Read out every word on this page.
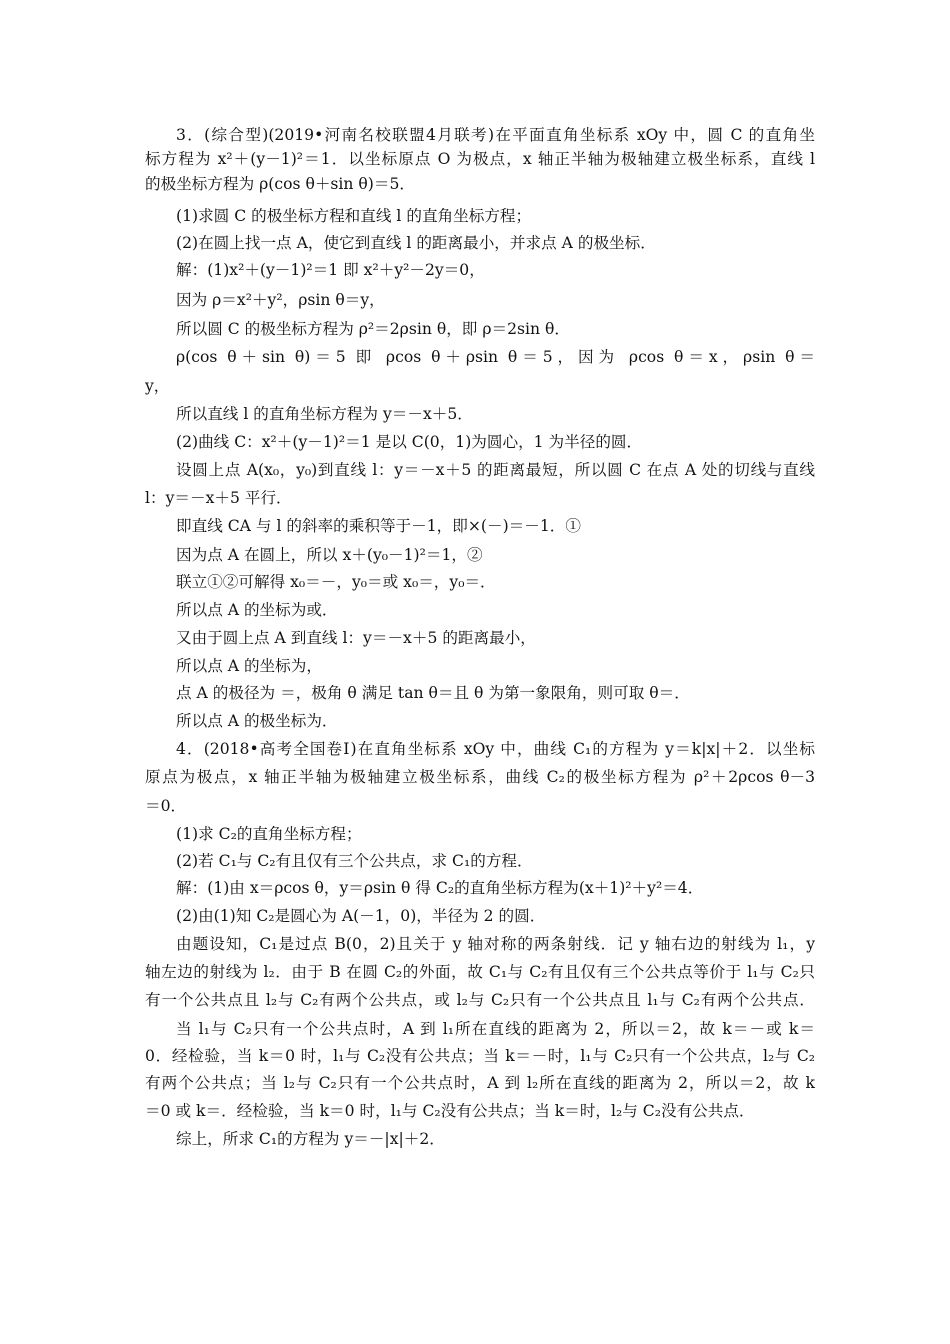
3．(综合型)(2019•河南名校联盟4月联考)在平面直角坐标系 xOy 中，圆 C 的直角坐
标方程为 x²＋(y－1)²＝1．以坐标原点 O 为极点，x 轴正半轴为极轴建立极坐标系，直线 l
的极坐标方程为 ρ(cos θ＋sin θ)＝5．
(1)求圆 C 的极坐标方程和直线 l 的直角坐标方程；
(2)在圆上找一点 A，使它到直线 l 的距离最小，并求点 A 的极坐标．
解：(1)x²＋(y－1)²＝1 即 x²＋y²－2y＝0，
因为 ρ＝x²＋y²，ρsin θ＝y，
所以圆 C 的极坐标方程为 ρ²＝2ρsin θ，即 ρ＝2sin θ．
ρ(cos θ＋sin θ)＝5 即 ρcos θ＋ρsin θ＝5，因为 ρcos θ＝x，ρsin θ＝
y，
所以直线 l 的直角坐标方程为 y＝－x＋5．
(2)曲线 C：x²＋(y－1)²＝1 是以 C(0，1)为圆心，1 为半径的圆．
设圆上点 A(x₀，y₀)到直线 l：y＝－x＋5 的距离最短，所以圆 C 在点 A 处的切线与直线
l：y＝－x＋5 平行．
即直线 CA 与 l 的斜率的乘积等于－1，即×(－)＝－1．①
因为点 A 在圆上，所以 x＋(y₀－1)²＝1，②
联立①②可解得 x₀＝－，y₀＝或 x₀＝，y₀＝．
所以点 A 的坐标为或．
又由于圆上点 A 到直线 l：y＝－x＋5 的距离最小，
所以点 A 的坐标为，
点 A 的极径为 ＝，极角 θ 满足 tan θ＝且 θ 为第一象限角，则可取 θ＝．
所以点 A 的极坐标为．
4．(2018•高考全国卷Ⅰ)在直角坐标系 xOy 中，曲线 C₁的方程为 y＝k|x|＋2．以坐标
原点为极点，x 轴正半轴为极轴建立极坐标系，曲线 C₂的极坐标方程为 ρ²＋2ρcos θ－3
＝0．
(1)求 C₂的直角坐标方程；
(2)若 C₁与 C₂有且仅有三个公共点，求 C₁的方程．
解：(1)由 x＝ρcos θ，y＝ρsin θ 得 C₂的直角坐标方程为(x＋1)²＋y²＝4．
(2)由(1)知 C₂是圆心为 A(－1，0)，半径为 2 的圆．
由题设知，C₁是过点 B(0，2)且关于 y 轴对称的两条射线．记 y 轴右边的射线为 l₁，y
轴左边的射线为 l₂．由于 B 在圆 C₂的外面，故 C₁与 C₂有且仅有三个公共点等价于 l₁与 C₂只
有一个公共点且 l₂与 C₂有两个公共点，或 l₂与 C₂只有一个公共点且 l₁与 C₂有两个公共点．
当 l₁与 C₂只有一个公共点时，A 到 l₁所在直线的距离为 2，所以＝2，故 k＝－或 k＝
0．经检验，当 k＝0 时，l₁与 C₂没有公共点；当 k＝－时，l₁与 C₂只有一个公共点，l₂与 C₂
有两个公共点；当 l₂与 C₂只有一个公共点时，A 到 l₂所在直线的距离为 2，所以＝2，故 k
＝0 或 k＝．经检验，当 k＝0 时，l₁与 C₂没有公共点；当 k＝时，l₂与 C₂没有公共点．
综上，所求 C₁的方程为 y＝－|x|＋2．
